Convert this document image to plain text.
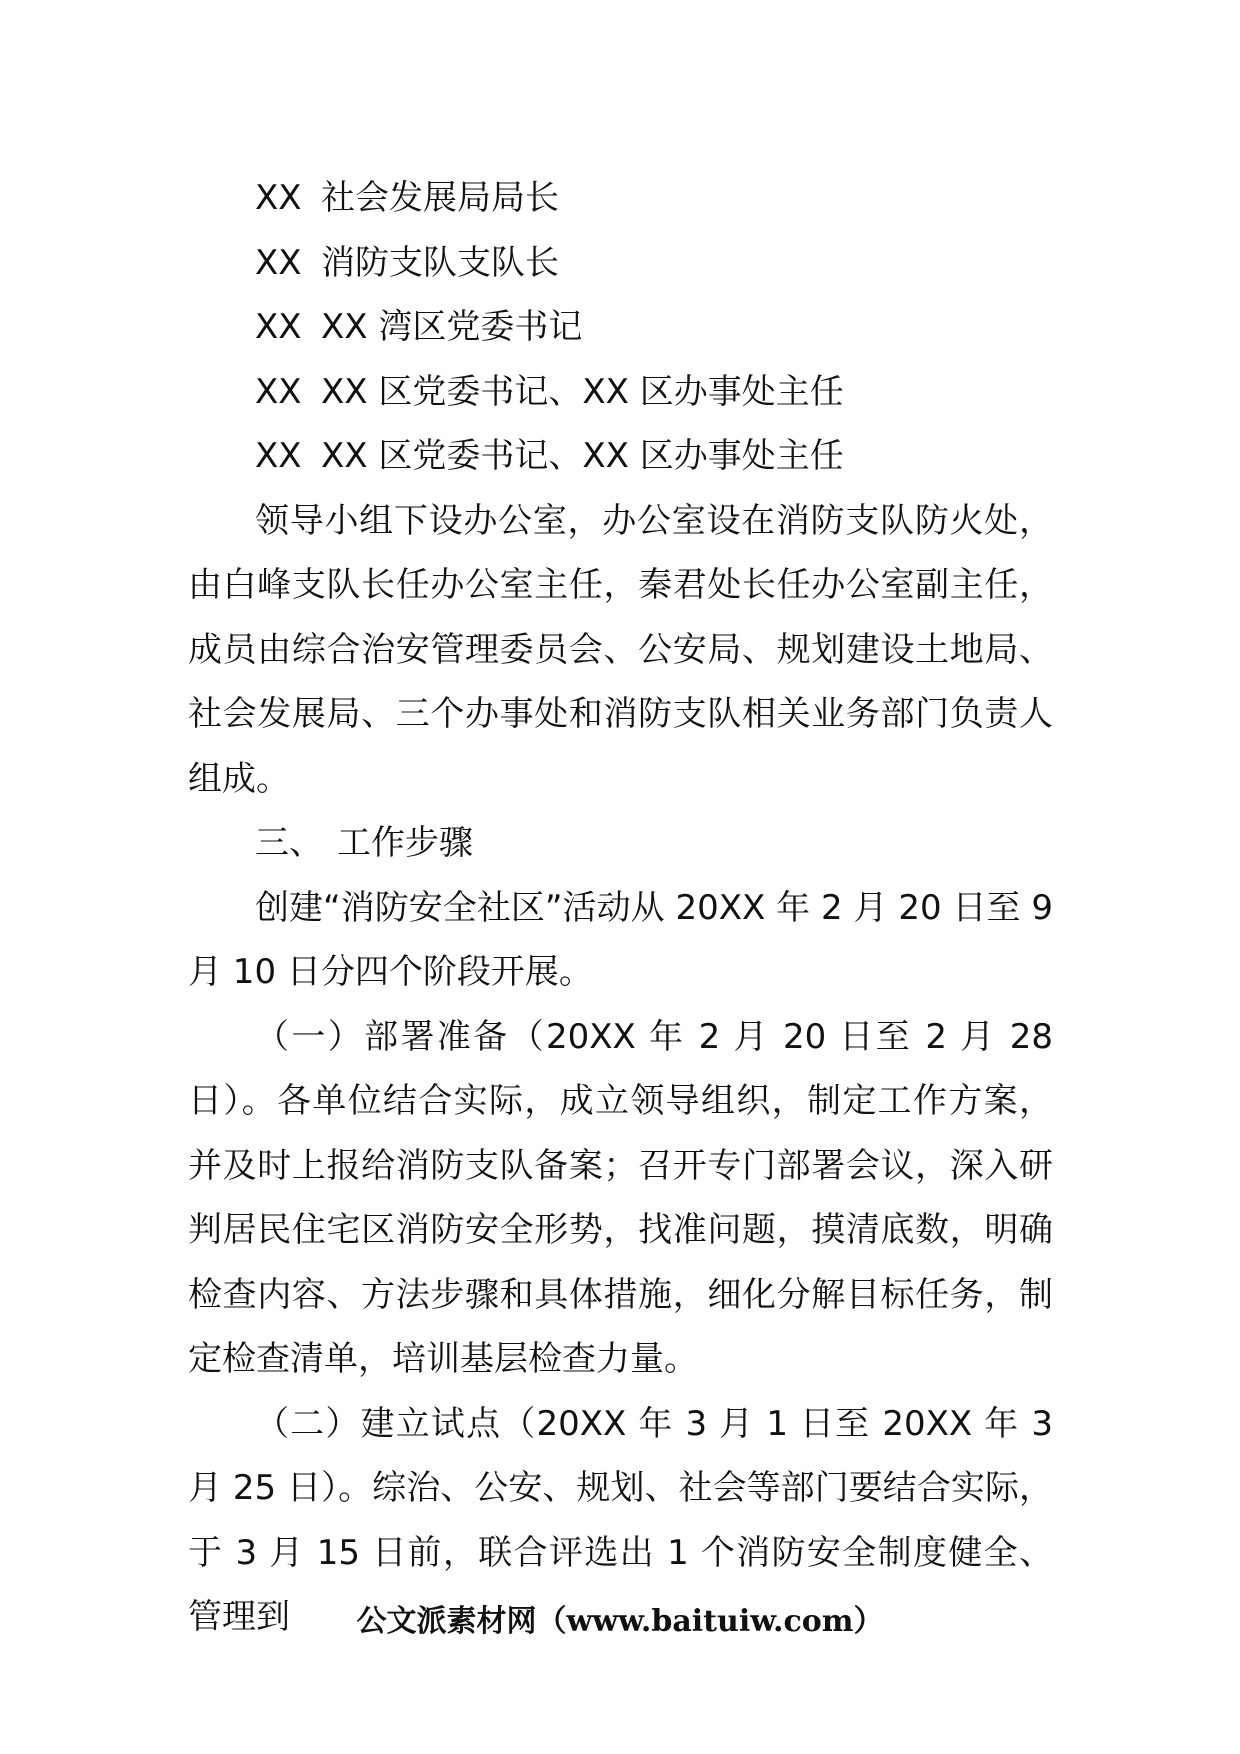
XX 社会发展局局长

XX 消防支队支队长

XX XX 湾区党委书记

XX XX 区党委书记、XX 区办事处主任

XX XX 区党委书记、XX 区办事处主任

领导小组下设办公室，办公室设在消防支队防火处，由白峰支队长任办公室主任，秦君处长任办公室副主任，成员由综合治安管理委员会、公安局、规划建设土地局、社会发展局、三个办事处和消防支队相关业务部门负责人组成。

三、 工作步骤

创建“消防安全社区”活动从 20XX 年 2 月 20 日至 9 月 10 日分四个阶段开展。

（一）部署准备（20XX 年 2 月 20 日至 2 月 28 日）。各单位结合实际，成立领导组织，制定工作方案，并及时上报给消防支队备案；召开专门部署会议，深入研判居民住宅区消防安全形势，找准问题，摸清底数，明确检查内容、方法步骤和具体措施，细化分解目标任务，制定检查清单，培训基层检查力量。

（二）建立试点（20XX 年 3 月 1 日至 20XX 年 3 月 25 日）。综治、公安、规划、社会等部门要结合实际，于 3 月 15 日前，联合评选出 1 个消防安全制度健全、管理到	公文派素材网（www.baituiw.com）
